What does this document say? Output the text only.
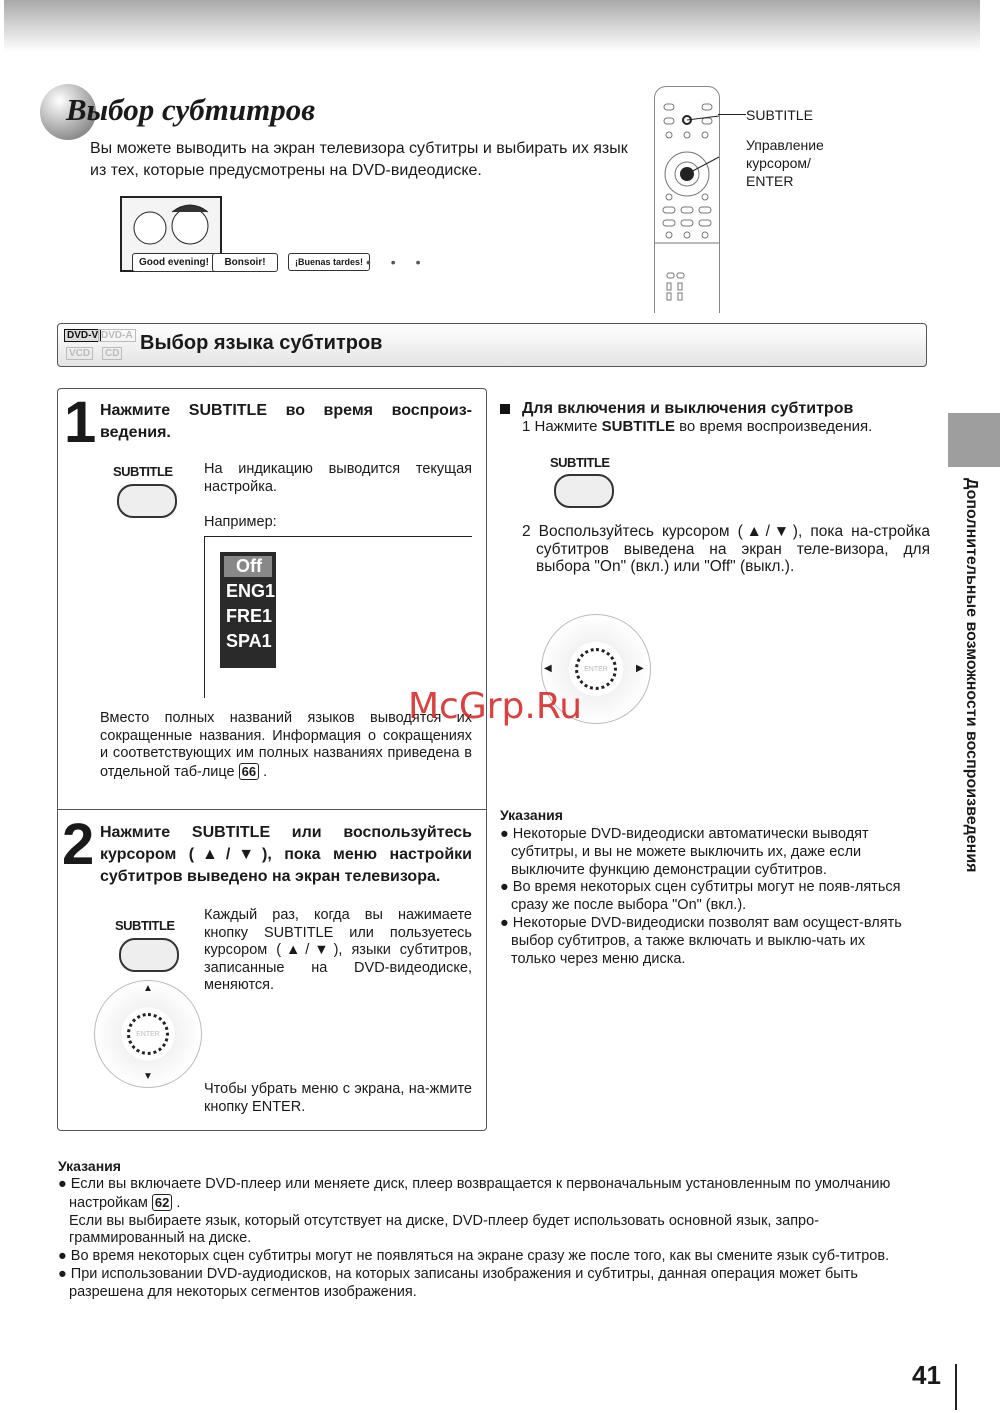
Дополнительные возможности воспроизведения
Выбор субтитров
Вы можете выводить на экран телевизора субтитры и выбирать их язык из тех, которые предусмотрены на DVD-видеодиске.
Good evening!	Bonsoir!	¡Buenas tardes! • • •
SUBTITLE
Управление курсором/ ENTER
DVD-V DVD-A
VCD	CD Выбор языка субтитров
1 Нажмите SUBTITLE во время воспроиз-ведения.
SUBTITLE На индикацию выводится текущая настройка.
Например:
Off
ENG1
FRE1
SPA1
Вместо полных названий языков выводятся их сокращенные названия. Информация о сокращениях и соответствующих им полных названиях приведена в отдельной таб-лице 66 .
2 Нажмите SUBTITLE или воспользуйтесь курсором (▲/▼), пока меню настройки субтитров выведено на экран телевизора.
SUBTITLE
▲
▼
ENTER
Каждый раз, когда вы нажимаете кнопку SUBTITLE или пользуетесь курсором (▲/▼), языки субтитров, записанные на DVD-видеодиске, меняются.
Чтобы убрать меню с экрана, на-жмите кнопку ENTER.
Для включения и выключения субтитров
1 Нажмите SUBTITLE во время воспроизведения.
SUBTITLE
2 Воспользуйтесь курсором (▲/▼), пока на-стройка субтитров выведена на экран теле-визора, для выбора "On" (вкл.) или "Off" (выкл.).
◀	▶
ENTER
Указания
● Некоторые DVD-видеодиски автоматически выводят субтитры, и вы не можете выключить их, даже если выключите функцию демонстрации субтитров.
● Во время некоторых сцен субтитры могут не появ-ляться сразу же после выбора "On" (вкл.).
● Некоторые DVD-видеодиски позволят вам осущест-влять выбор субтитров, а также включать и выклю-чать их только через меню диска.
McGrp.Ru
Указания
● Если вы включаете DVD-плеер или меняете диск, плеер возвращается к первоначальным установленным по умолчанию настройкам 62 .
Если вы выбираете язык, который отсутствует на диске, DVD-плеер будет использовать основной язык, запро-граммированный на диске.
● Во время некоторых сцен субтитры могут не появляться на экране сразу же после того, как вы смените язык суб-титров.
● При использовании DVD-аудиодисков, на которых записаны изображения и субтитры, данная операция может быть разрешена для некоторых сегментов изображения.
41
